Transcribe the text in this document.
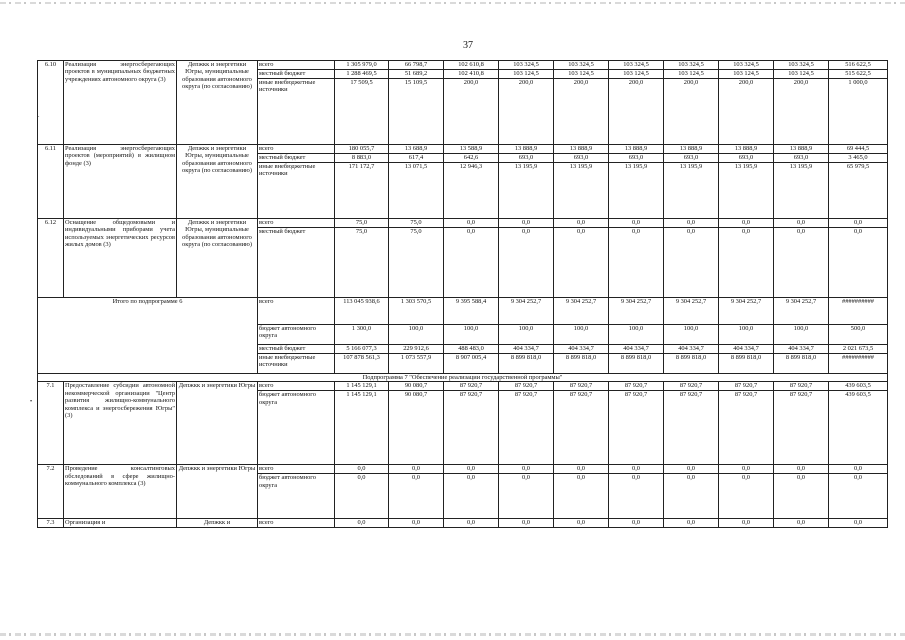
37
.
•
6.10	Реализация энергосберегающих проектов в муниципальных бюджетных учреждениях автономного округа (3)	Депжкк и энергетики Югры, муниципальные образования автономного округа (по согласованию)	всего	1 305 979,0	66 798,7	102 610,8	103 324,5	103 324,5	103 324,5	103 324,5	103 324,5	103 324,5	516 622,5
			местный бюджет	1 288 469,5	51 689,2	102 410,8	103 124,5	103 124,5	103 124,5	103 124,5	103 124,5	103 124,5	515 622,5
			иные внебюджетные источники	17 509,5	15 109,5	200,0	200,0	200,0	200,0	200,0	200,0	200,0	1 000,0
6.11	Реализация энергосберегающих проектов (мероприятий) в жилищном фонде (3)	Депжкк и энергетики Югры, муниципальные образования автономного округа (по согласованию)	всего	180 055,7	13 688,9	13 588,9	13 888,9	13 888,9	13 888,9	13 888,9	13 888,9	13 888,9	69 444,5
			местный бюджет	8 883,0	617,4	642,6	693,0	693,0	693,0	693,0	693,0	693,0	3 465,0
			иные внебюджетные источники	171 172,7	13 071,5	12 946,3	13 195,9	13 195,9	13 195,9	13 195,9	13 195,9	13 195,9	65 979,5
6.12	Оснащение общедомовыми и индивидуальными приборами учета используемых энергетических ресурсов жилых домов (3)	Депжкк и энергетики Югры, муниципальные образования автономного округа (по согласованию)	всего	75,0	75,0	0,0	0,0	0,0	0,0	0,0	0,0	0,0	0,0
			местный бюджет	75,0	75,0	0,0	0,0	0,0	0,0	0,0	0,0	0,0	0,0
Итого по подпрограмме 6			всего	113 045 938,6	1 303 570,5	9 395 588,4	9 304 252,7	9 304 252,7	9 304 252,7	9 304 252,7	9 304 252,7	9 304 252,7	##########
			бюджет автономного округа	1 300,0	100,0	100,0	100,0	100,0	100,0	100,0	100,0	100,0	500,0
			местный бюджет	5 166 077,3	229 912,6	488 483,0	404 334,7	404 334,7	404 334,7	404 334,7	404 334,7	404 334,7	2 021 673,5
			иные внебюджетные источники	107 878 561,3	1 073 557,9	8 907 005,4	8 899 818,0	8 899 818,0	8 899 818,0	8 899 818,0	8 899 818,0	8 899 818,0	##########
Подпрограмма 7 "Обеспечение реализации государственной программы"													
7.1	Предоставление субсидии автономной некоммерческой организации "Центр развития жилищно-коммунального комплекса и энергосбережения Югры" (3)	Депжкк и энергетики Югры	всего	1 145 129,1	90 080,7	87 920,7	87 920,7	87 920,7	87 920,7	87 920,7	87 920,7	87 920,7	439 603,5
			бюджет автономного округа	1 145 129,1	90 080,7	87 920,7	87 920,7	87 920,7	87 920,7	87 920,7	87 920,7	87 920,7	439 603,5
7.2	Проведение консалтинговых обследований в сфере жилищно-коммунального комплекса (3)	Депжкк и энергетики Югры	всего	0,0	0,0	0,0	0,0	0,0	0,0	0,0	0,0	0,0	0,0
			бюджет автономного округа	0,0	0,0	0,0	0,0	0,0	0,0	0,0	0,0	0,0	0,0
7.3	Организация и	Депжкк и	всего	0,0	0,0	0,0	0,0	0,0	0,0	0,0	0,0	0,0	0,0
